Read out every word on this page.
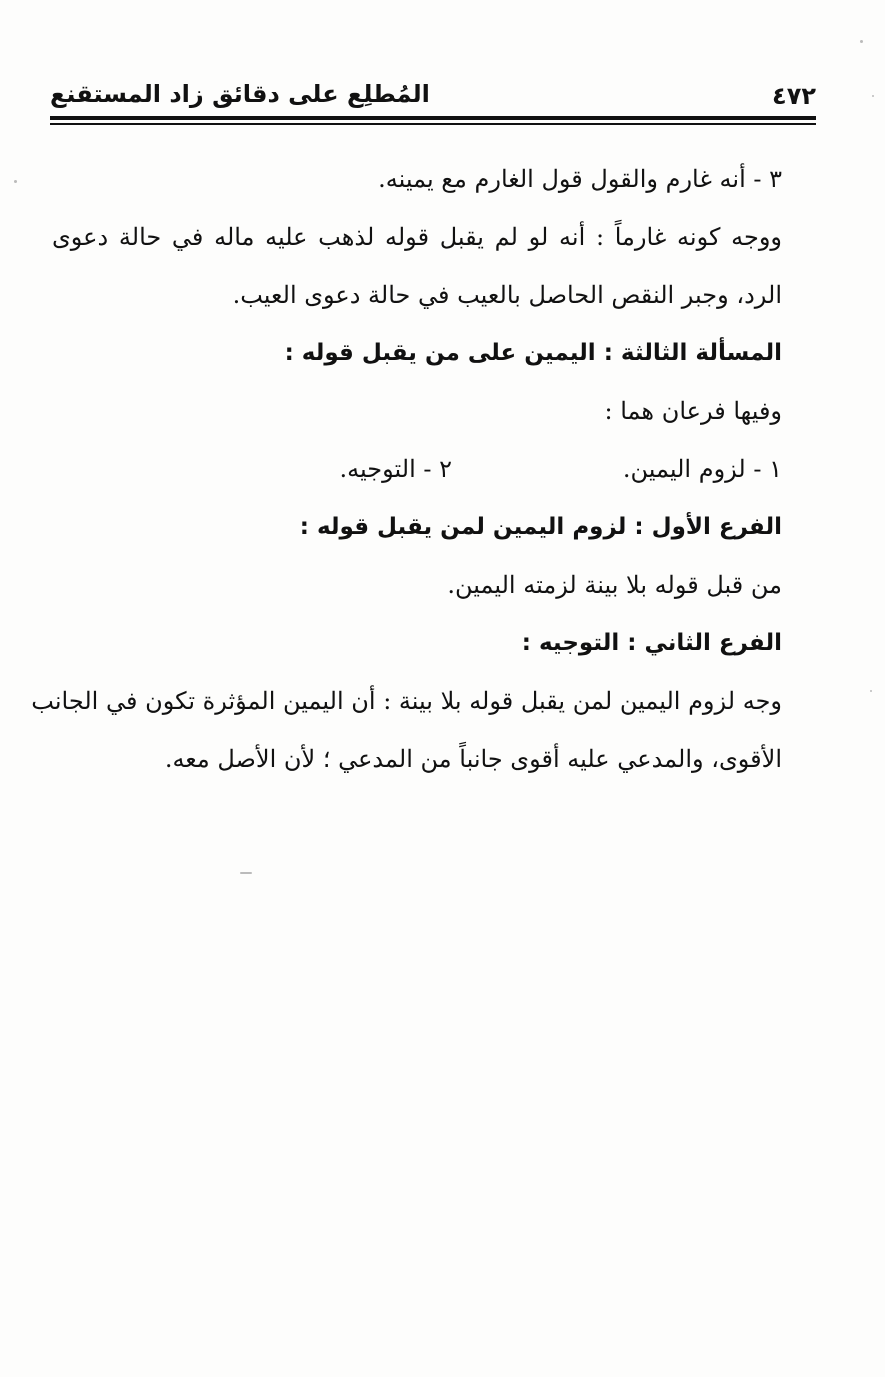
٤٧٢
المُطلِع على دقائق زاد المستقنع
٣ - أنه غارم والقول قول الغارم مع يمينه.
ووجه كونه غارماً : أنه لو لم يقبل قوله لذهب عليه ماله في حالة دعوى
الرد، وجبر النقص الحاصل بالعيب في حالة دعوى العيب.
المسألة الثالثة : اليمين على من يقبل قوله :
وفيها فرعان هما :
١ - لزوم اليمين.
٢ - التوجيه.
الفرع الأول : لزوم اليمين لمن يقبل قوله :
من قبل قوله بلا بينة لزمته اليمين.
الفرع الثاني : التوجيه :
وجه لزوم اليمين لمن يقبل قوله بلا بينة : أن اليمين المؤثرة تكون في الجانب
الأقوى، والمدعي عليه أقوى جانباً من المدعي ؛ لأن الأصل معه.
